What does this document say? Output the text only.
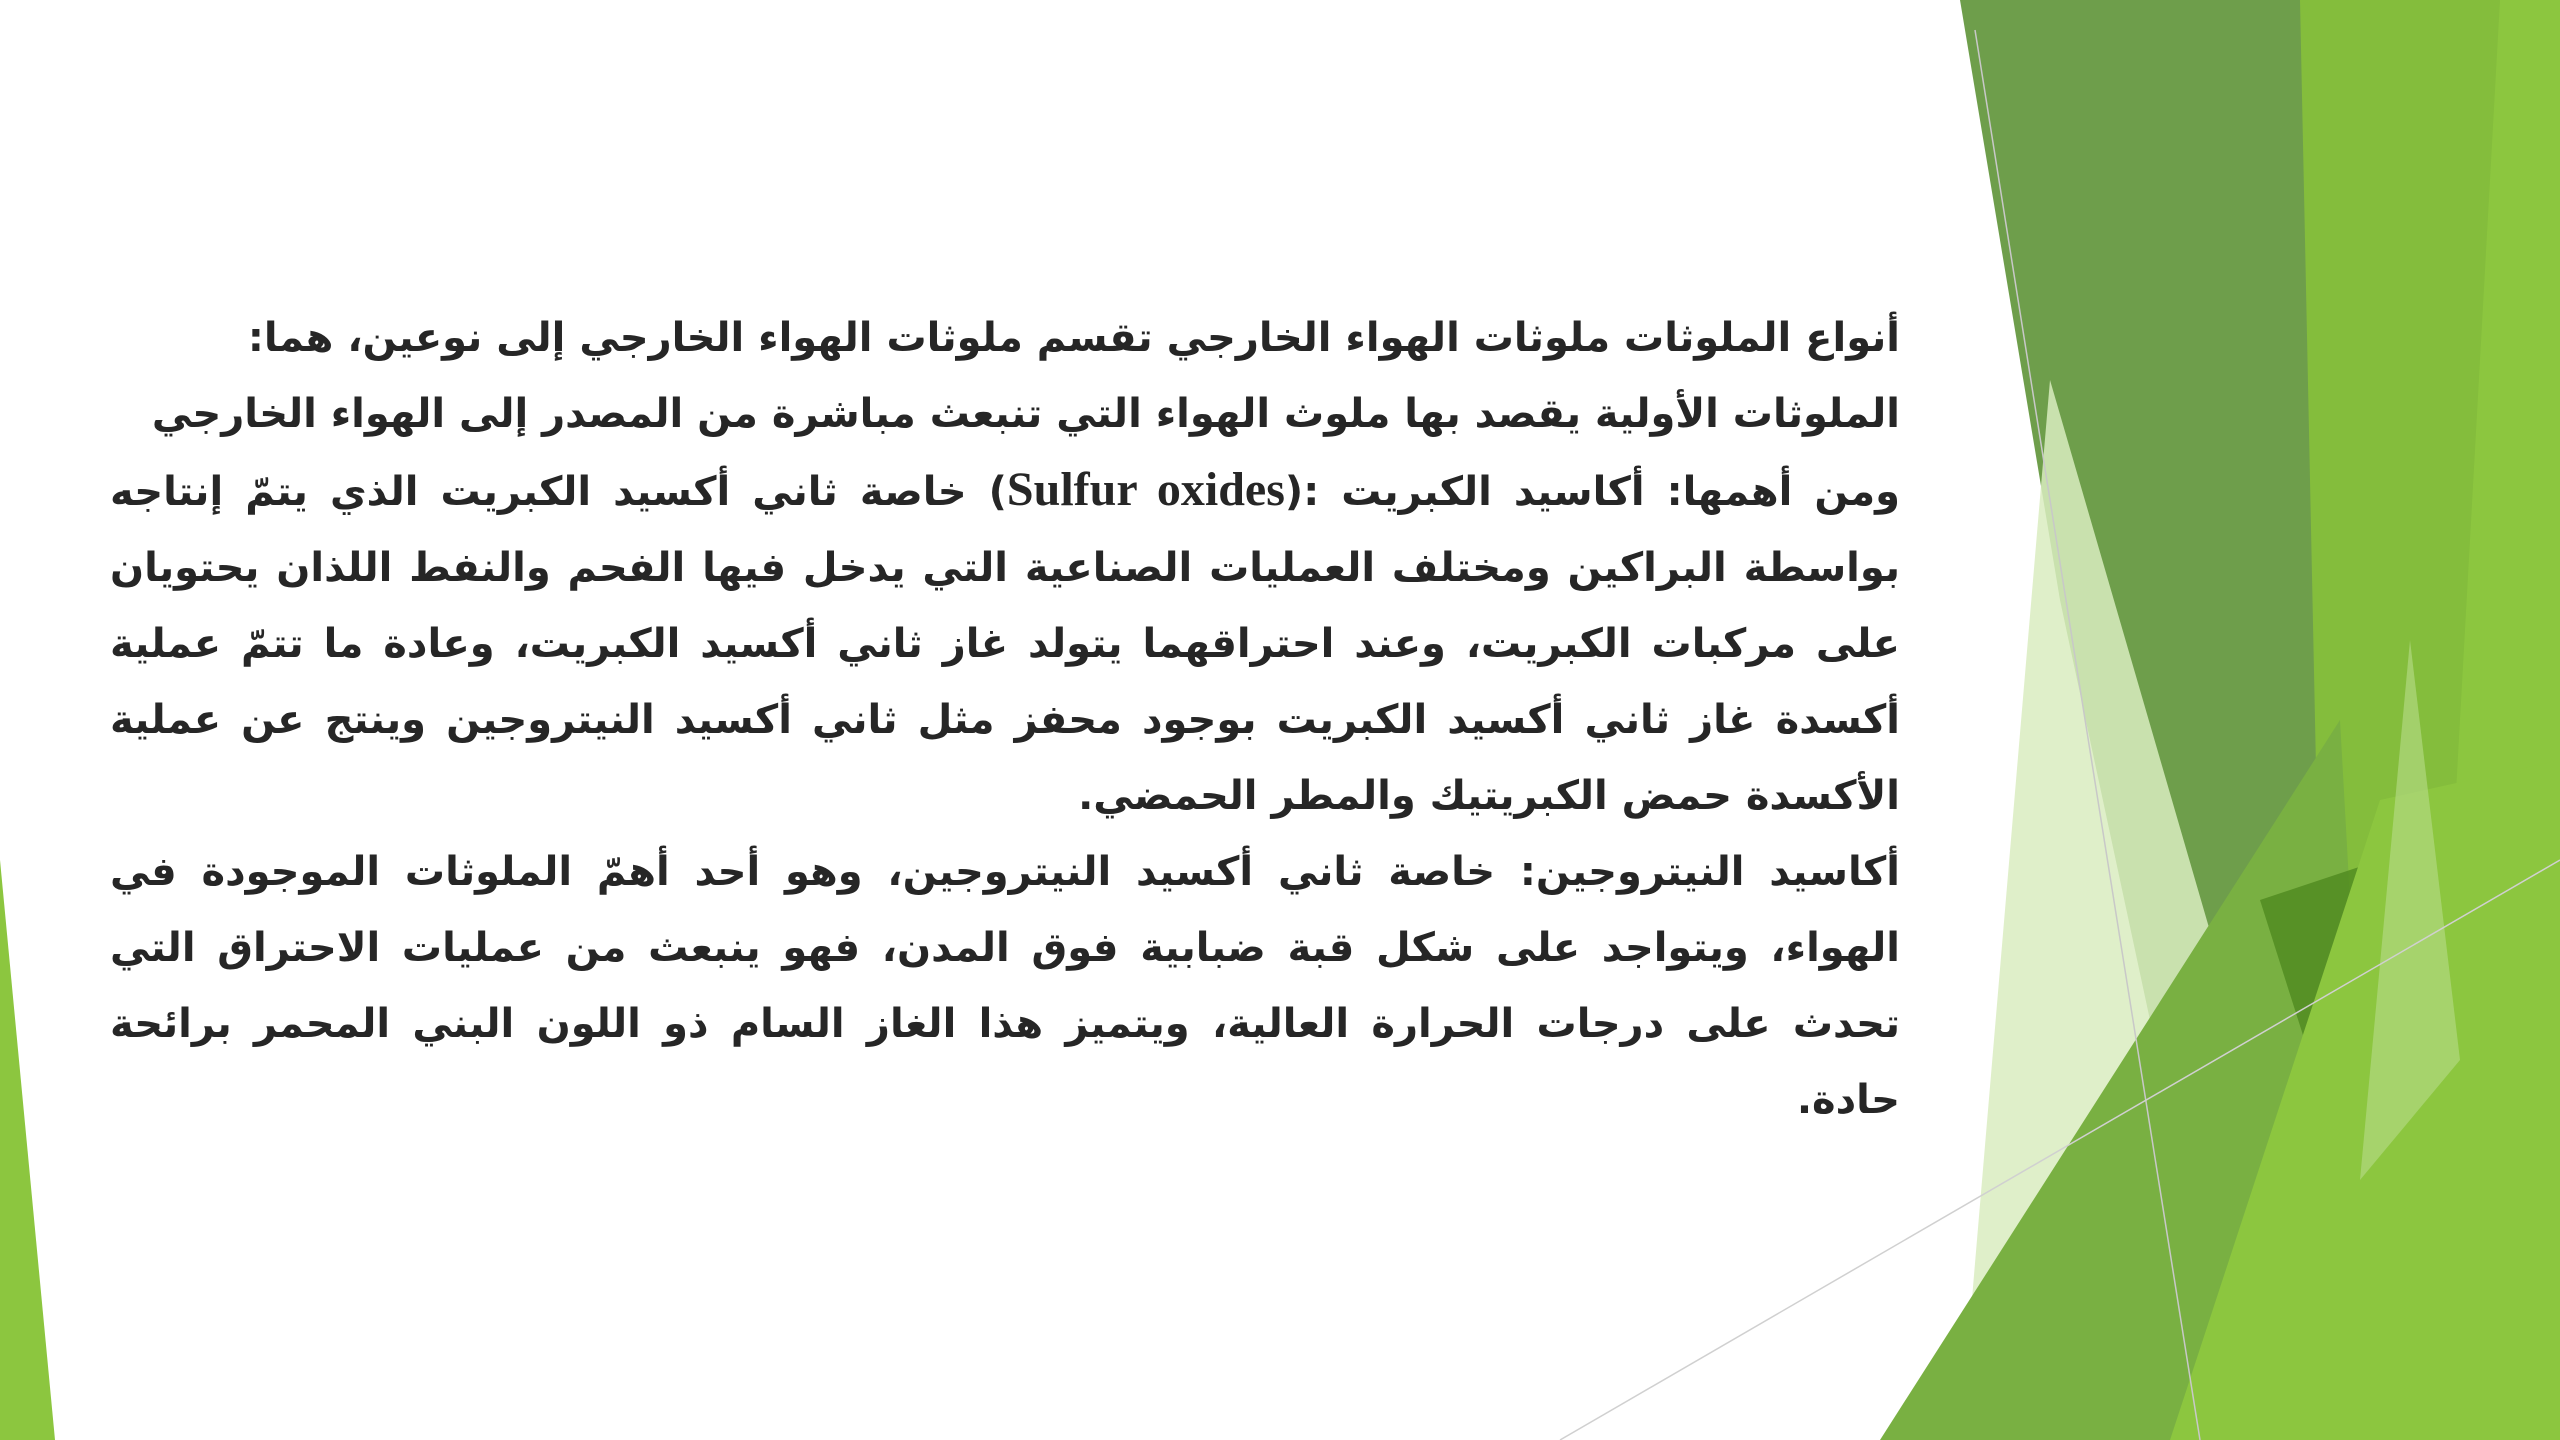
أنواع الملوثات ملوثات الهواء الخارجي تقسم ملوثات الهواء الخارجي إلى نوعين، هما:

الملوثات الأولية يقصد بها ملوث الهواء التي تنبعث مباشرة من المصدر إلى الهواء الخارجي

ومن أهمها: أكاسيد الكبريت :(Sulfur oxides) خاصة ثاني أكسيد الكبريت الذي يتمّ إنتاجه بواسطة البراكين ومختلف العمليات الصناعية التي يدخل فيها الفحم والنفط اللذان يحتويان على مركبات الكبريت، وعند احتراقهما يتولد غاز ثاني أكسيد الكبريت، وعادة ما تتمّ عملية أكسدة غاز ثاني أكسيد الكبريت بوجود محفز مثل ثاني أكسيد النيتروجين وينتج عن عملية الأكسدة حمض الكبريتيك والمطر الحمضي.

أكاسيد النيتروجين: خاصة ثاني أكسيد النيتروجين، وهو أحد أهمّ الملوثات الموجودة في الهواء، ويتواجد على شكل قبة ضبابية فوق المدن، فهو ينبعث من عمليات الاحتراق التي تحدث على درجات الحرارة العالية، ويتميز هذا الغاز السام ذو اللون البني المحمر برائحة حادة.
